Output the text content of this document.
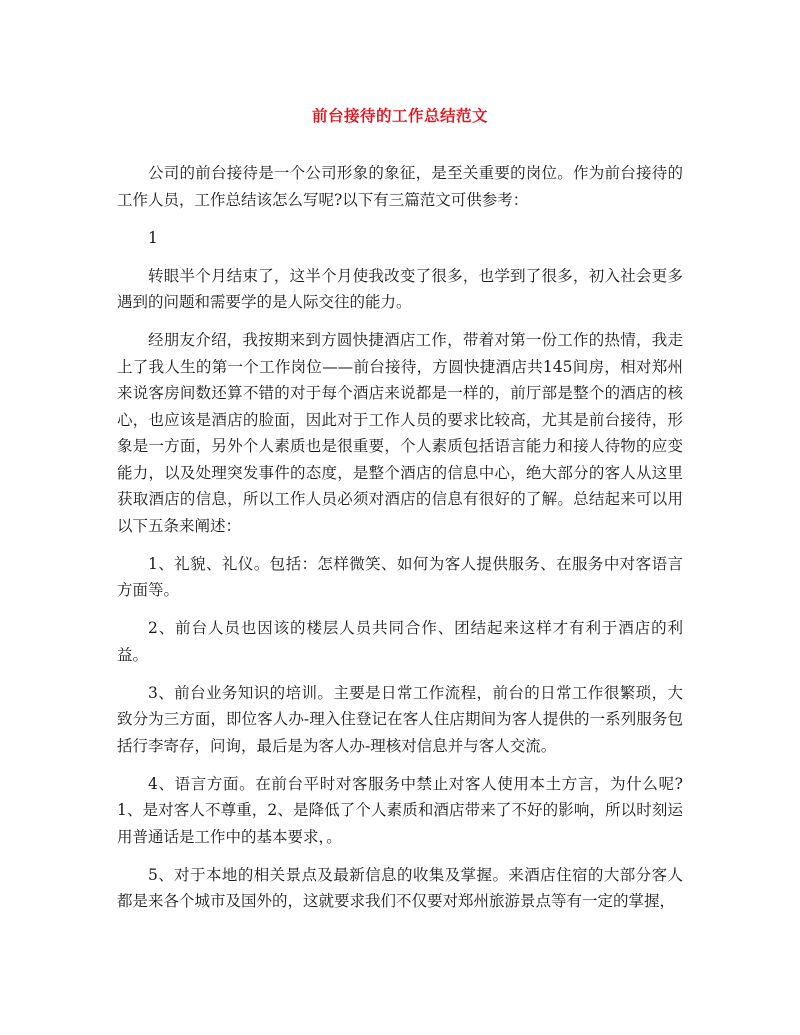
前台接待的工作总结范文

公司的前台接待是一个公司形象的象征，是至关重要的岗位。作为前台接待的工作人员，工作总结该怎么写呢?以下有三篇范文可供参考：

1

转眼半个月结束了，这半个月使我改变了很多，也学到了很多，初入社会更多遇到的问题和需要学的是人际交往的能力。

经朋友介绍，我按期来到方圆快捷酒店工作，带着对第一份工作的热情，我走上了我人生的第一个工作岗位——前台接待，方圆快捷酒店共145间房，相对郑州来说客房间数还算不错的对于每个酒店来说都是一样的，前厅部是整个的酒店的核心，也应该是酒店的脸面，因此对于工作人员的要求比较高，尤其是前台接待，形象是一方面，另外个人素质也是很重要，个人素质包括语言能力和接人待物的应变能力，以及处理突发事件的态度，是整个酒店的信息中心，绝大部分的客人从这里获取酒店的信息，所以工作人员必须对酒店的信息有很好的了解。总结起来可以用以下五条来阐述：

1、礼貌、礼仪。包括：怎样微笑、如何为客人提供服务、在服务中对客语言方面等。

2、前台人员也因该的楼层人员共同合作、团结起来这样才有利于酒店的利益。

3、前台业务知识的培训。主要是日常工作流程，前台的日常工作很繁琐，大致分为三方面，即位客人办-理入住登记在客人住店期间为客人提供的一系列服务包括行李寄存，问询，最后是为客人办-理核对信息并与客人交流。

4、语言方面。在前台平时对客服务中禁止对客人使用本土方言，为什么呢?1、是对客人不尊重，2、是降低了个人素质和酒店带来了不好的影响，所以时刻运用普通话是工作中的基本要求，。

5、对于本地的相关景点及最新信息的收集及掌握。来酒店住宿的大部分客人都是来各个城市及国外的，这就要求我们不仅要对郑州旅游景点等有一定的掌握，
